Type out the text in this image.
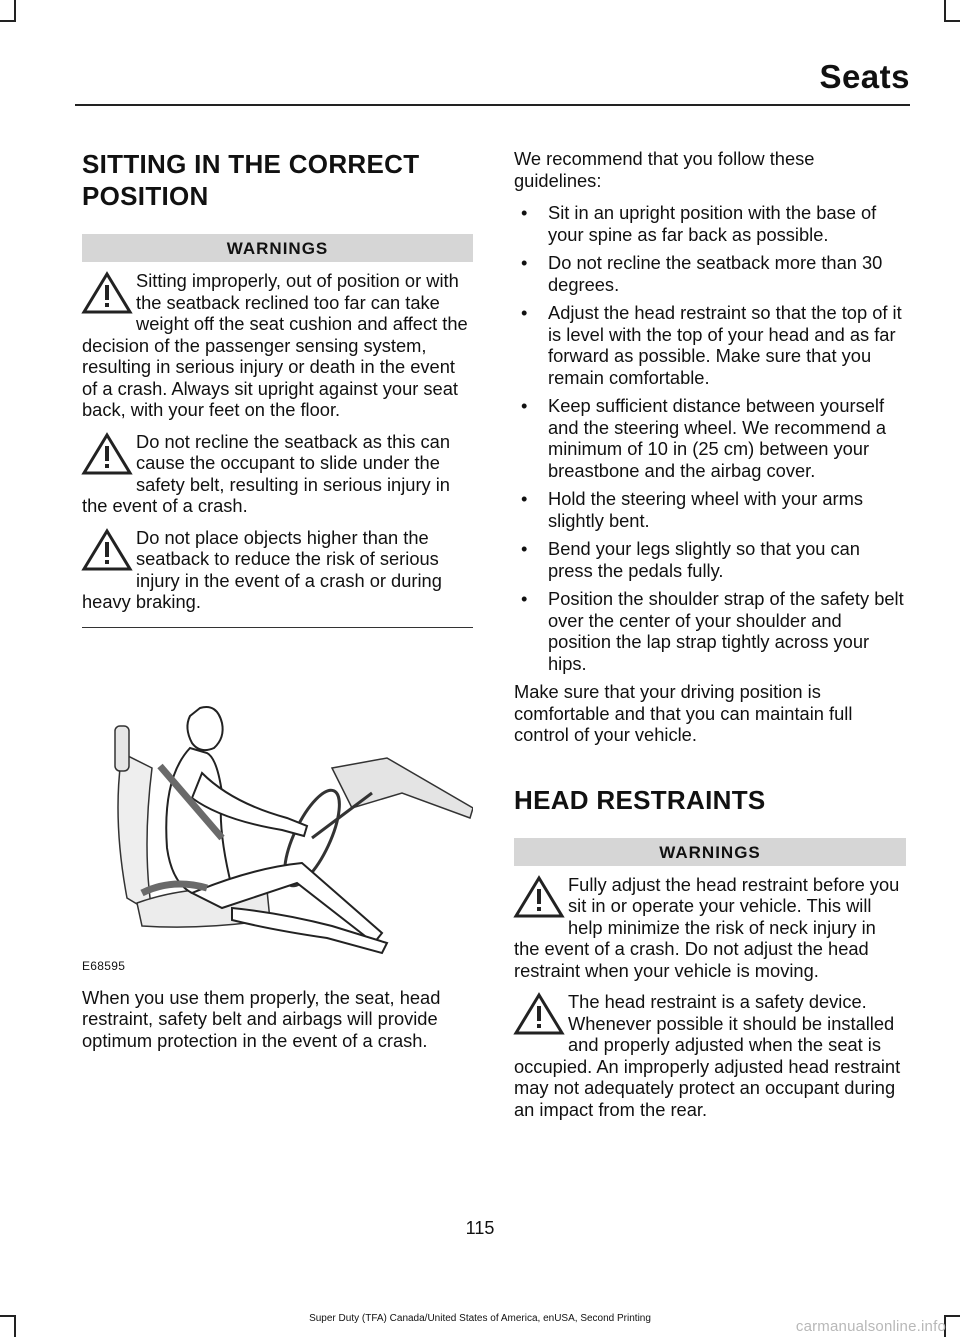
Seats
SITTING IN THE CORRECT POSITION
WARNINGS
Sitting improperly, out of position or with the seatback reclined too far can take weight off the seat cushion and affect the decision of the passenger sensing system, resulting in serious injury or death in the event of a crash. Always sit upright against your seat back, with your feet on the floor.
Do not recline the seatback as this can cause the occupant to slide under the safety belt, resulting in serious injury in the event of a crash.
Do not place objects higher than the seatback to reduce the risk of serious injury in the event of a crash or during heavy braking.
E68595

When you use them properly, the seat, head restraint, safety belt and airbags will provide optimum protection in the event of a crash.

We recommend that you follow these guidelines:

• Sit in an upright position with the base of your spine as far back as possible.
• Do not recline the seatback more than 30 degrees.
• Adjust the head restraint so that the top of it is level with the top of your head and as far forward as possible. Make sure that you remain comfortable.
• Keep sufficient distance between yourself and the steering wheel. We recommend a minimum of 10 in (25 cm) between your breastbone and the airbag cover.
• Hold the steering wheel with your arms slightly bent.
• Bend your legs slightly so that you can press the pedals fully.
• Position the shoulder strap of the safety belt over the center of your shoulder and position the lap strap tightly across your hips.

Make sure that your driving position is comfortable and that you can maintain full control of your vehicle.

HEAD RESTRAINTS
WARNINGS
Fully adjust the head restraint before you sit in or operate your vehicle. This will help minimize the risk of neck injury in the event of a crash. Do not adjust the head restraint when your vehicle is moving.
The head restraint is a safety device. Whenever possible it should be installed and properly adjusted when the seat is occupied. An improperly adjusted head restraint may not adequately protect an occupant during an impact from the rear.
115
Super Duty (TFA) Canada/United States of America, enUSA, Second Printing	carmanualsonline.info
